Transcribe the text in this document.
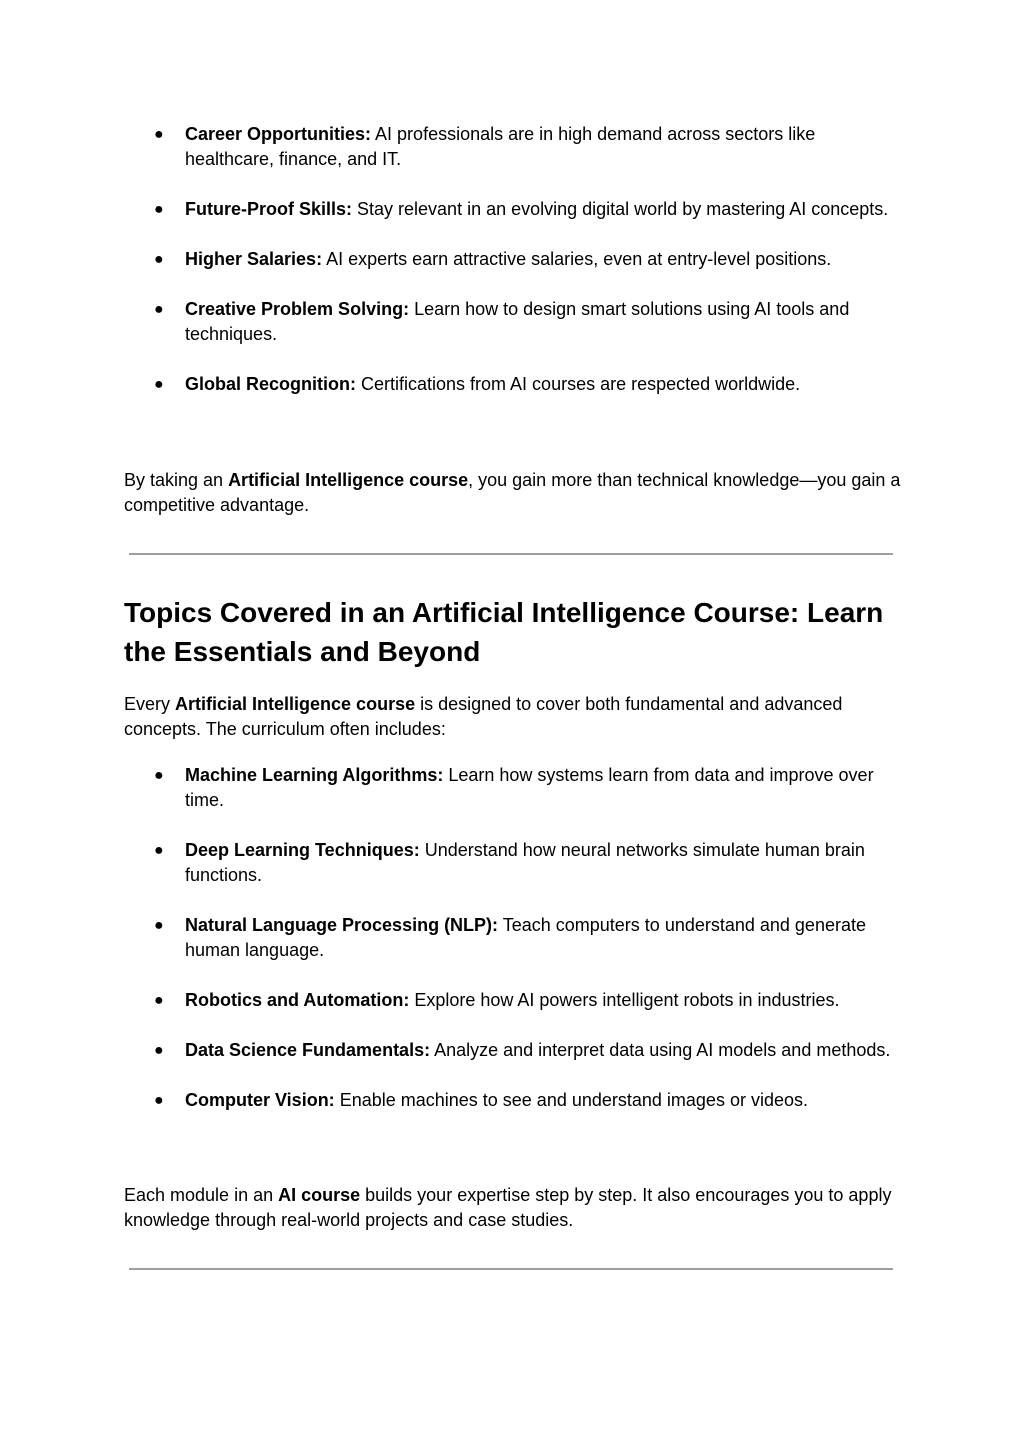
● Career Opportunities: AI professionals are in high demand across sectors like healthcare, finance, and IT.
● Future-Proof Skills: Stay relevant in an evolving digital world by mastering AI concepts.
● Higher Salaries: AI experts earn attractive salaries, even at entry-level positions.
● Creative Problem Solving: Learn how to design smart solutions using AI tools and techniques.
● Global Recognition: Certifications from AI courses are respected worldwide.

By taking an Artificial Intelligence course, you gain more than technical knowledge—you gain a competitive advantage.

Topics Covered in an Artificial Intelligence Course: Learn the Essentials and Beyond

Every Artificial Intelligence course is designed to cover both fundamental and advanced concepts. The curriculum often includes:

● Machine Learning Algorithms: Learn how systems learn from data and improve over time.
● Deep Learning Techniques: Understand how neural networks simulate human brain functions.
● Natural Language Processing (NLP): Teach computers to understand and generate human language.
● Robotics and Automation: Explore how AI powers intelligent robots in industries.
● Data Science Fundamentals: Analyze and interpret data using AI models and methods.
● Computer Vision: Enable machines to see and understand images or videos.

Each module in an AI course builds your expertise step by step. It also encourages you to apply knowledge through real-world projects and case studies.
